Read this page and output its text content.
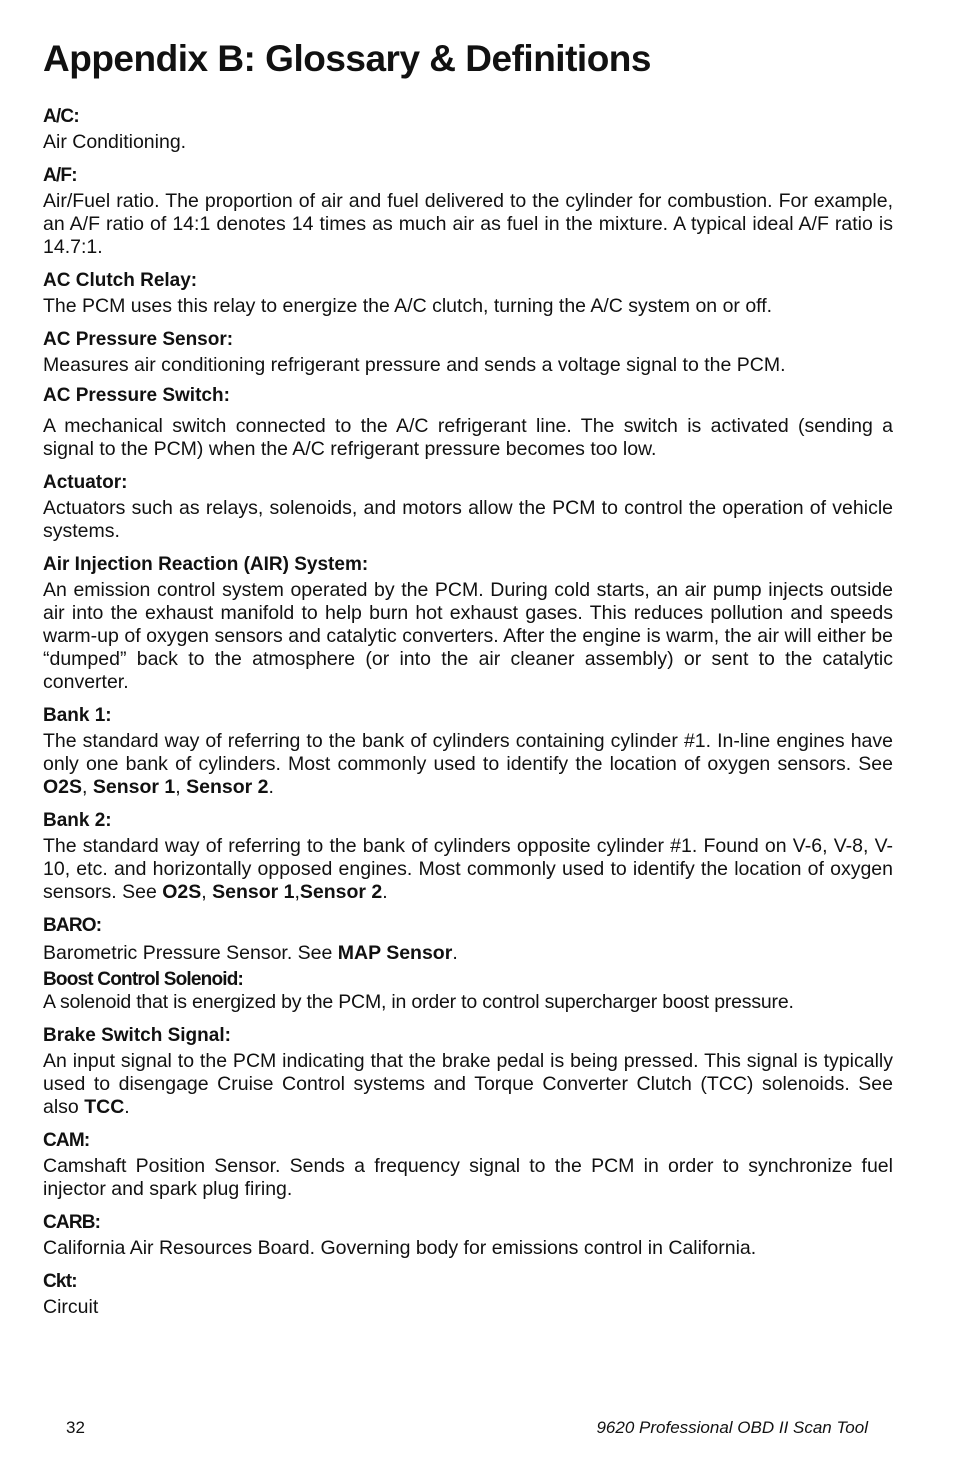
Appendix B: Glossary & Definitions

A/C:

Air Conditioning.

A/F:

Air/Fuel ratio. The proportion of air and fuel delivered to the cylinder for combustion. For example, an A/F ratio of 14:1 denotes 14 times as much air as fuel in the mixture. A typical ideal A/F ratio is 14.7:1.

AC Clutch Relay:

The PCM uses this relay to energize the A/C clutch, turning the A/C system on or off.

AC Pressure Sensor:

Measures air conditioning refrigerant pressure and sends a voltage signal to the PCM.

AC Pressure Switch:

A mechanical switch connected to the A/C refrigerant line. The switch is activated (sending a signal to the PCM) when the A/C refrigerant pressure becomes too low.

Actuator:

Actuators such as relays, solenoids, and motors allow the PCM to control the operation of vehicle systems.

Air Injection Reaction (AIR) System:

An emission control system operated by the PCM. During cold starts, an air pump injects outside air into the exhaust manifold to help burn hot exhaust gases. This reduces pollution and speeds warm-up of oxygen sensors and catalytic converters. After the engine is warm, the air will either be “dumped” back to the atmosphere (or into the air cleaner assembly) or sent to the catalytic converter.

Bank 1:

The standard way of referring to the bank of cylinders containing cylinder #1. In-line engines have only one bank of cylinders. Most commonly used to identify the location of oxygen sensors. See O2S, Sensor 1, Sensor 2.

Bank 2:

The standard way of referring to the bank of cylinders opposite cylinder #1. Found on V-6, V-8, V-10, etc. and horizontally opposed engines. Most commonly used to identify the location of oxygen sensors. See O2S, Sensor 1,Sensor 2.

BARO:

Barometric Pressure Sensor. See MAP Sensor.

Boost Control Solenoid:

A solenoid that is energized by the PCM, in order to control supercharger boost pressure.

Brake Switch Signal:

An input signal to the PCM indicating that the brake pedal is being pressed. This signal is typically used to disengage Cruise Control systems and Torque Converter Clutch (TCC) solenoids. See also TCC.

CAM:

Camshaft Position Sensor. Sends a frequency signal to the PCM in order to synchronize fuel injector and spark plug firing.

CARB:

California Air Resources Board. Governing body for emissions control in California.

Ckt:

Circuit

32	9620 Professional OBD II Scan Tool
